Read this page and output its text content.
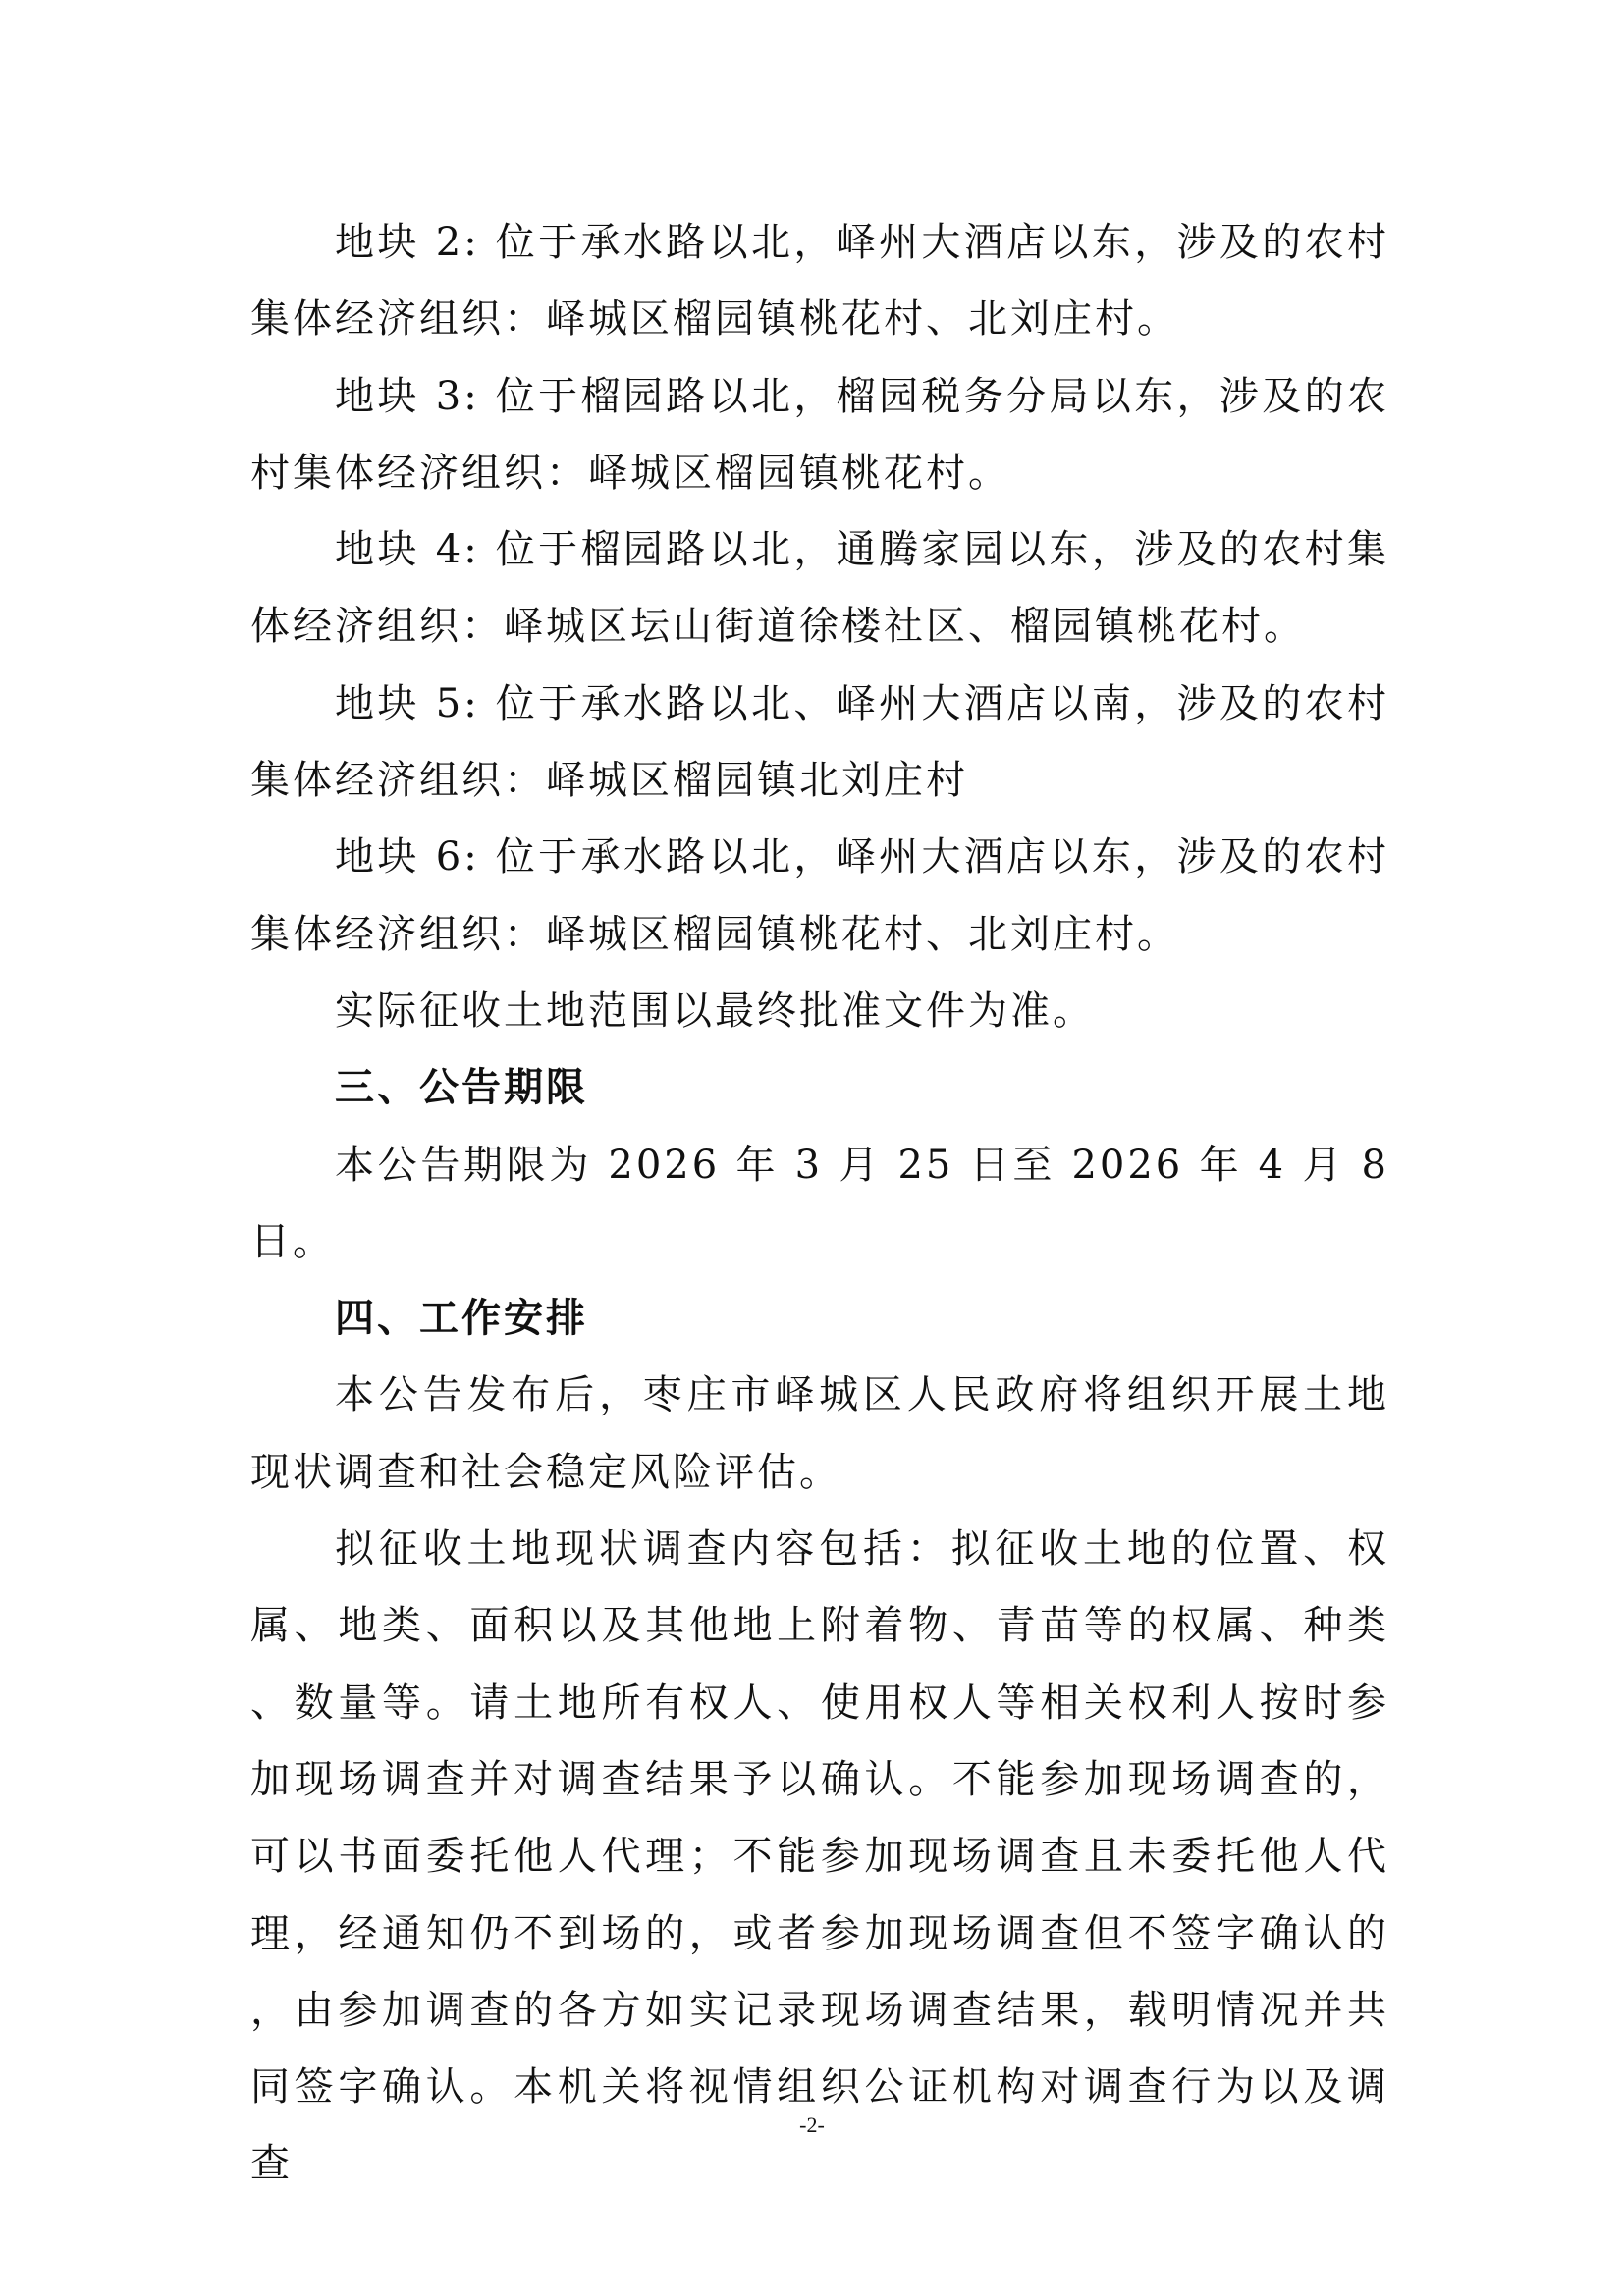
地块 2: 位于承水路以北，峄州大酒店以东，涉及的农村集体经济组织：峄城区榴园镇桃花村、北刘庄村。

地块 3: 位于榴园路以北，榴园税务分局以东，涉及的农村集体经济组织：峄城区榴园镇桃花村。

地块 4: 位于榴园路以北，通腾家园以东，涉及的农村集体经济组织：峄城区坛山街道徐楼社区、榴园镇桃花村。

地块 5: 位于承水路以北、峄州大酒店以南，涉及的农村集体经济组织：峄城区榴园镇北刘庄村

地块 6: 位于承水路以北，峄州大酒店以东，涉及的农村集体经济组织：峄城区榴园镇桃花村、北刘庄村。

实际征收土地范围以最终批准文件为准。

三、公告期限

本公告期限为 2026 年 3 月 25 日至 2026 年 4 月 8 日。

四、工作安排

本公告发布后，枣庄市峄城区人民政府将组织开展土地现状调查和社会稳定风险评估。

拟征收土地现状调查内容包括：拟征收土地的位置、权属、地类、面积以及其他地上附着物、青苗等的权属、种类、数量等。请土地所有权人、使用权人等相关权利人按时参加现场调查并对调查结果予以确认。不能参加现场调查的，可以书面委托他人代理；不能参加现场调查且未委托他人代理，经通知仍不到场的，或者参加现场调查但不签字确认的，由参加调查的各方如实记录现场调查结果，载明情况并共同签字确认。本机关将视情组织公证机构对调查行为以及调查

-2-
